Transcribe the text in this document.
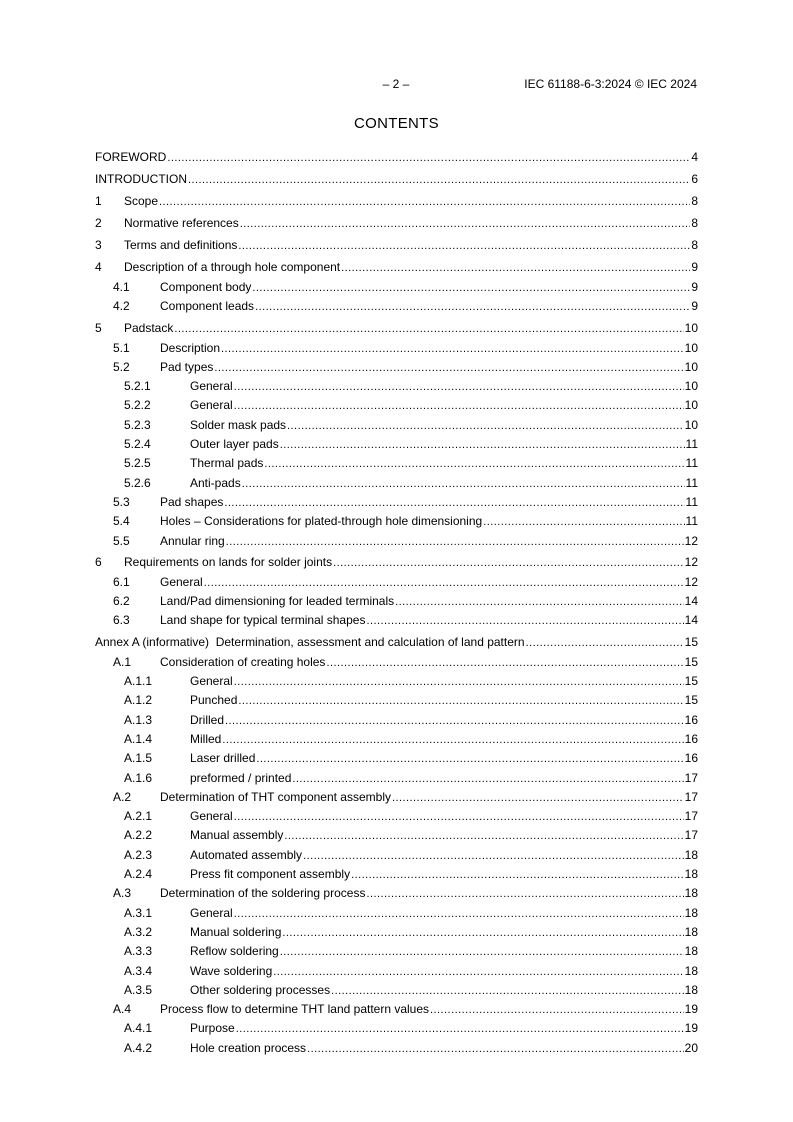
– 2 –	IEC 61188-6-3:2024 © IEC 2024
CONTENTS
FOREWORD .....	4
INTRODUCTION .....	6
1	Scope .....	8
2	Normative references .....	8
3	Terms and definitions .....	8
4	Description of a through hole component .....	9
4.1	Component body .....	9
4.2	Component leads .....	9
5	Padstack .....	10
5.1	Description .....	10
5.2	Pad types .....	10
5.2.1	General .....	10
5.2.2	General .....	10
5.2.3	Solder mask pads .....	10
5.2.4	Outer layer pads .....	11
5.2.5	Thermal pads .....	11
5.2.6	Anti-pads .....	11
5.3	Pad shapes .....	11
5.4	Holes – Considerations for plated-through hole dimensioning .....	11
5.5	Annular ring .....	12
6	Requirements on lands for solder joints .....	12
6.1	General .....	12
6.2	Land/Pad dimensioning for leaded terminals .....	14
6.3	Land shape for typical terminal shapes .....	14
Annex A (informative)  Determination, assessment and calculation of land pattern .....	15
A.1	Consideration of creating holes .....	15
A.1.1	General .....	15
A.1.2	Punched .....	15
A.1.3	Drilled .....	16
A.1.4	Milled .....	16
A.1.5	Laser drilled .....	16
A.1.6	preformed / printed .....	17
A.2	Determination of THT component assembly .....	17
A.2.1	General .....	17
A.2.2	Manual assembly .....	17
A.2.3	Automated assembly .....	18
A.2.4	Press fit component assembly .....	18
A.3	Determination of the soldering process .....	18
A.3.1	General .....	18
A.3.2	Manual soldering .....	18
A.3.3	Reflow soldering .....	18
A.3.4	Wave soldering .....	18
A.3.5	Other soldering processes .....	18
A.4	Process flow to determine THT land pattern values .....	19
A.4.1	Purpose .....	19
A.4.2	Hole creation process .....	20
